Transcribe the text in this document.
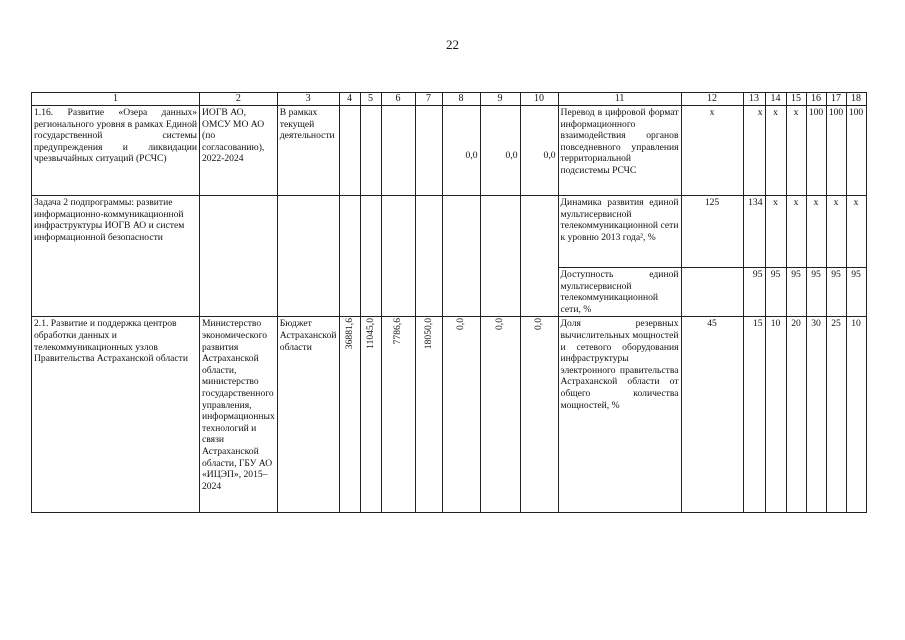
22
1	2	3	4	5	6	7	8	9	10	11	12	13	14	15	16	17	18
1.16. Развитие «Озера данных» регионального уровня в рамках Единой государственной системы предупреждения и ликвидации чрезвычайных ситуаций (РСЧС)	ИОГВ АО, ОМСУ МО АО (по согласованию), 2022-2024	В рамках текущей деятельности					0,0	0,0	0,0	Перевод в цифровой формат информационного взаимодействия органов повседневного управления территориальной подсистемы РСЧС	х	х	х	х	100	100	100
Задача 2 подпрограммы: развитие информационно-коммуникационной инфраструктуры ИОГВ АО и систем информационной безопасности										Динамика развития единой мультисервисной телекоммуникационной сети к уровню 2013 года², %	125	134	х	х	х	х	х
										Доступность единой мультисервисной телекоммуникационной сети, %		95	95	95	95	95	95
2.1. Развитие и поддержка центров обработки данных и телекоммуникационных узлов Правительства Астраханской области	Министерство экономического развития Астраханской области, министерство государственного управления, информационных технологий и связи Астраханской области, ГБУ АО «ИЦЭП», 2015–2024	Бюджет Астраханской области	36881,6	11045,0	7786,6	18050,0	0,0	0,0	0,0	Доля резервных вычислительных мощностей и сетевого оборудования инфраструктуры электронного правительства Астраханской области от общего количества мощностей, %	45	15	10	20	30	25	10
